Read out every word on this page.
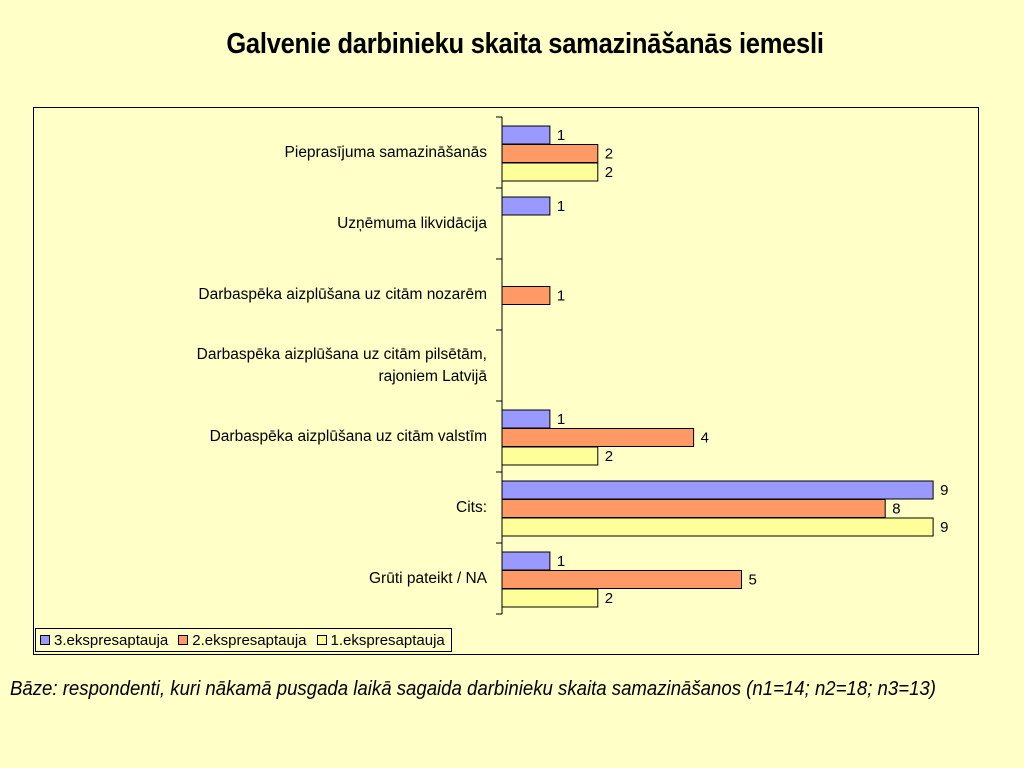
Galvenie darbinieku skaita samazināšanās iemesli
1
2
2
1
1
1
4
2
9
8
9
1
5
2
Pieprasījuma samazināšanās
Uzņēmuma likvidācija
Darbaspēka aizplūšana uz citām nozarēm
Darbaspēka aizplūšana uz citām pilsētām,
rajoniem Latvijā
Darbaspēka aizplūšana uz citām valstīm
Cits:
Grūti pateikt / NA
3.ekspresaptauja 2.ekspresaptauja 1.ekspresaptauja
Bāze: respondenti, kuri nākamā pusgada laikā sagaida darbinieku skaita samazināšanos (n1=14; n2=18; n3=13)
